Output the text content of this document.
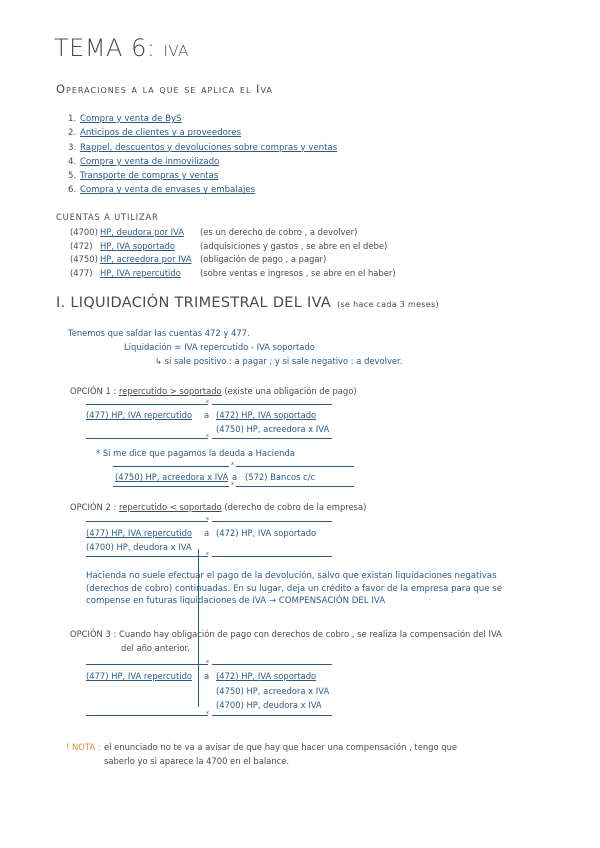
TEMA 6: IVA
Operaciones a la que se aplica el Iva
1. Compra y venta de ByS
2. Anticipos de clientes y a proveedores
3. Rappel, descuentos y devoluciones sobre compras y ventas
4. Compra y venta de inmovilizado
5. Transporte de compras y ventas
6. Compra y venta de envases y embalajes
CUENTAS A UTILIZAR
(4700) HP, deudora por IVA (es un derecho de cobro , a devolver)
(472) HP, IVA soportado	(adquisiciones y gastos , se abre en el debe)
(4750) HP, acreedora por IVA (obligación de pago , a pagar)
(477) HP, IVA repercutido (sobre ventas e ingresos , se abre en el haber)
I. LIQUIDACIÓN TRIMESTRAL DEL IVA (se hace cada 3 meses)
Tenemos que saldar las cuentas 472 y 477.
Liquidación = IVA repercutido - IVA soportado
↳ si sale positivo : a pagar ; y si sale negativo : a devolver.
OPCIÓN 1 : repercutido > soportado (existe una obligación de pago)
x
(477) HP, IVA repercutido a (472) HP, IVA soportado
(4750) HP, acreedora x IVA
x
* Si me dice que pagamos la deuda a Hacienda
x
(4750) HP, acreedora x IVA a (572) Bancos c/c
x
OPCIÓN 2 : repercutido < soportado (derecho de cobro de la empresa)
x
(477) HP, IVA repercutido a (472) HP, IVA soportado
(4700) HP, deudora x IVA
x
Hacienda no suele efectuar el pago de la devolución, salvo que existan liquidaciones negativas
(derechos de cobro) continuadas. En su lugar, deja un crédito a favor de la empresa para que se
compense en futuras liquidaciones de IVA → COMPENSACIÓN DEL IVA
OPCIÓN 3 : Cuando hay obligación de pago con derechos de cobro , se realiza la compensación del IVA
del año anterior.
x
(477) HP, IVA repercutido a (472) HP, IVA soportado
(4750) HP, acreedora x IVA
(4700) HP, deudora x IVA
x
! NOTA : el enunciado no te va a avisar de que hay que hacer una compensación , tengo que
saberlo yo si aparece la 4700 en el balance.
